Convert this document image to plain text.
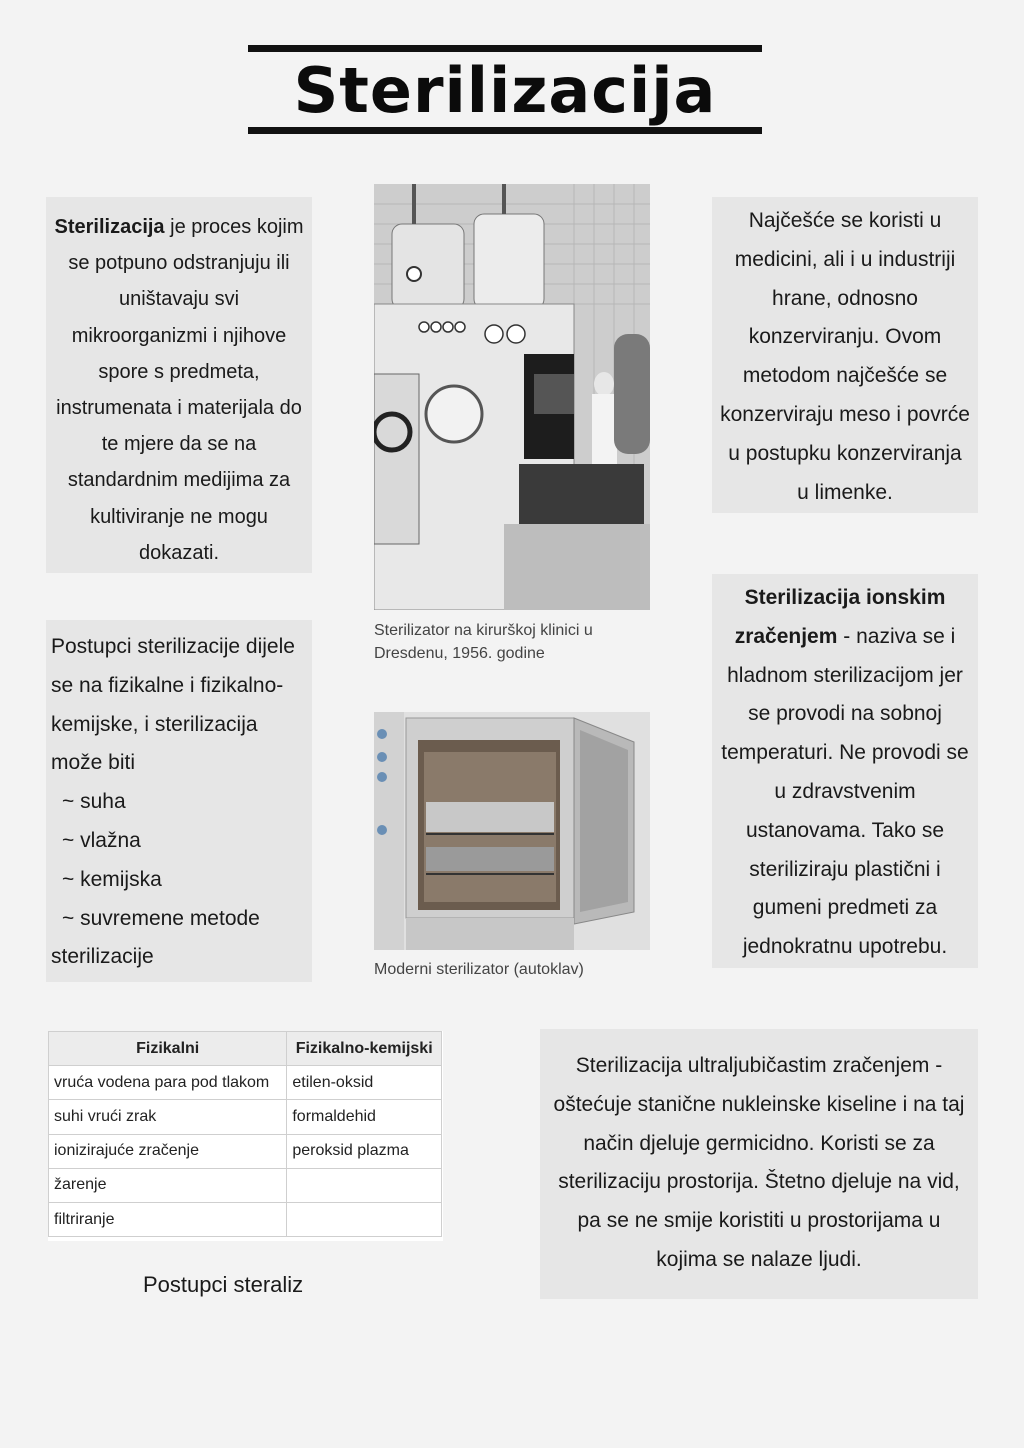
Sterilizacija
Sterilizacija je proces kojim se potpuno odstranjuju ili uništavaju svi mikroorganizmi i njihove spore s predmeta, instrumenata i materijala do te mjere da se na standardnim medijima za kultiviranje ne mogu dokazati.
Sterilizator na kirurškoj klinici u Dresdenu, 1956. godine
Najčešće se koristi u medicini, ali i u industriji hrane, odnosno konzerviranju. Ovom metodom najčešće se konzerviraju meso i povrće u postupku konzerviranja u limenke.
Postupci sterilizacije dijele se na fizikalne i fizikalno-kemijske, i sterilizacija može biti
~ suha
~ vlažna
~ kemijska
~ suvremene metode
sterilizacije
Moderni sterilizator (autoklav)
Sterilizacija ionskim zračenjem - naziva se i hladnom sterilizacijom jer se provodi na sobnoj temperaturi. Ne provodi se u zdravstvenim ustanovama. Tako se steriliziraju plastični i gumeni predmeti za jednokratnu upotrebu.
Fizikalni	Fizikalno-kemijski
vruća vodena para pod tlakom	etilen-oksid
suhi vrući zrak	formaldehid
ionizirajuće zračenje	peroksid plazma
žarenje	
filtriranje	
Postupci steraliz
Sterilizacija ultraljubičastim zračenjem - oštećuje stanične nukleinske kiseline i na taj način djeluje germicidno. Koristi se za sterilizaciju prostorija. Štetno djeluje na vid, pa se ne smije koristiti u prostorijama u kojima se nalaze ljudi.
